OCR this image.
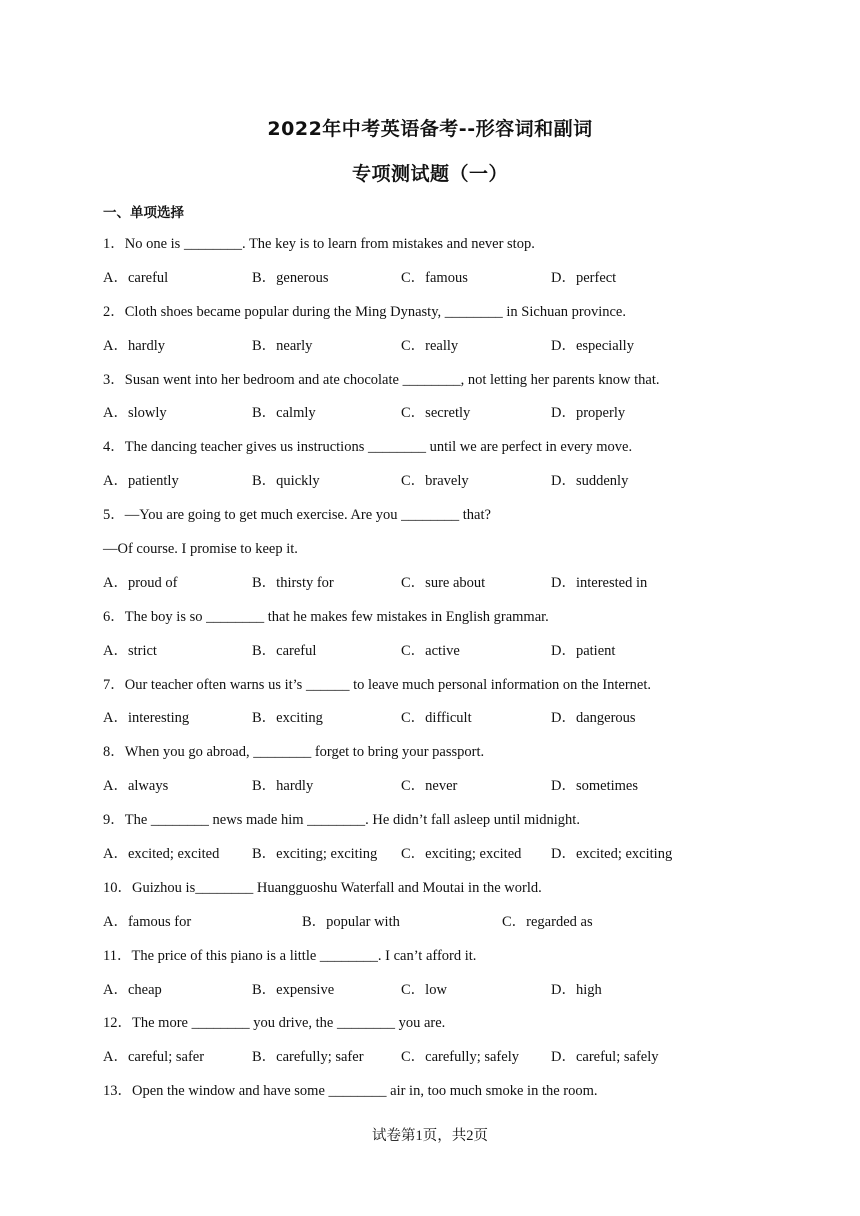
2022年中考英语备考--形容词和副词
专项测试题（一）
一、单项选择
1．No one is ________. The key is to learn from mistakes and never stop.
A．careful	B．generous	C．famous	D．perfect
2．Cloth shoes became popular during the Ming Dynasty, ________ in Sichuan province.
A．hardly	B．nearly	C．really	D．especially
3．Susan went into her bedroom and ate chocolate ________, not letting her parents know that.
A．slowly	B．calmly	C．secretly	D．properly
4．The dancing teacher gives us instructions ________ until we are perfect in every move.
A．patiently	B．quickly	C．bravely	D．suddenly
5．—You are going to get much exercise. Are you ________ that?
—Of course. I promise to keep it.
A．proud of	B．thirsty for	C．sure about	D．interested in
6．The boy is so ________ that he makes few mistakes in English grammar.
A．strict	B．careful	C．active	D．patient
7．Our teacher often warns us it’s ______ to leave much personal information on the Internet.
A．interesting	B．exciting	C．difficult	D．dangerous
8．When you go abroad, ________ forget to bring your passport.
A．always	B．hardly	C．never	D．sometimes
9．The ________ news made him ________. He didn’t fall asleep until midnight.
A．excited; excited B．exciting; exciting C．exciting; excited D．excited; exciting
10．Guizhou is________ Huangguoshu Waterfall and Moutai in the world.
A．famous for	B．popular with	C．regarded as
11．The price of this piano is a little ________. I can’t afford it.
A．cheap	B．expensive	C．low	D．high
12．The more ________ you drive, the ________ you are.
A．careful; safer	B．carefully; safer	C．carefully; safely D．careful; safely
13．Open the window and have some ________ air in, too much smoke in the room.
试卷第1页，共2页
